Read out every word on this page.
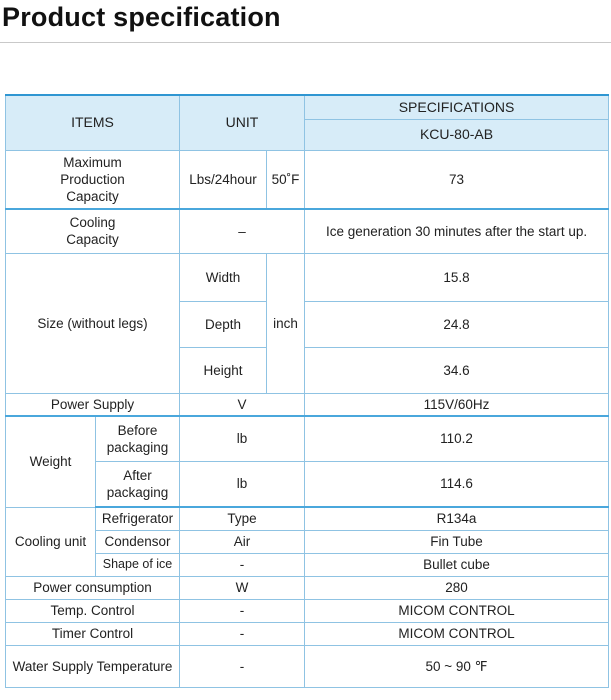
Product specification
ITEMS		UNIT		SPECIFICATIONS
				KCU-80-AB
Maximum Production Capacity		Lbs/24hour	50˚F	73
Cooling Capacity		–		Ice generation 30 minutes after the start up.
Size (without legs)		Width	inch	15.8
		Depth		24.8
		Height		34.6
Power Supply		V		115V/60Hz
Weight	Before packaging	lb		110.2
	After packaging	lb		114.6
Cooling unit	Refrigerator	Type		R134a
	Condensor	Air		Fin Tube
	Shape of ice	-		Bullet cube
Power consumption		W		280
Temp. Control		-		MICOM CONTROL
Timer Control		-		MICOM CONTROL
Water Supply Temperature		-		50 ~ 90 ℉
